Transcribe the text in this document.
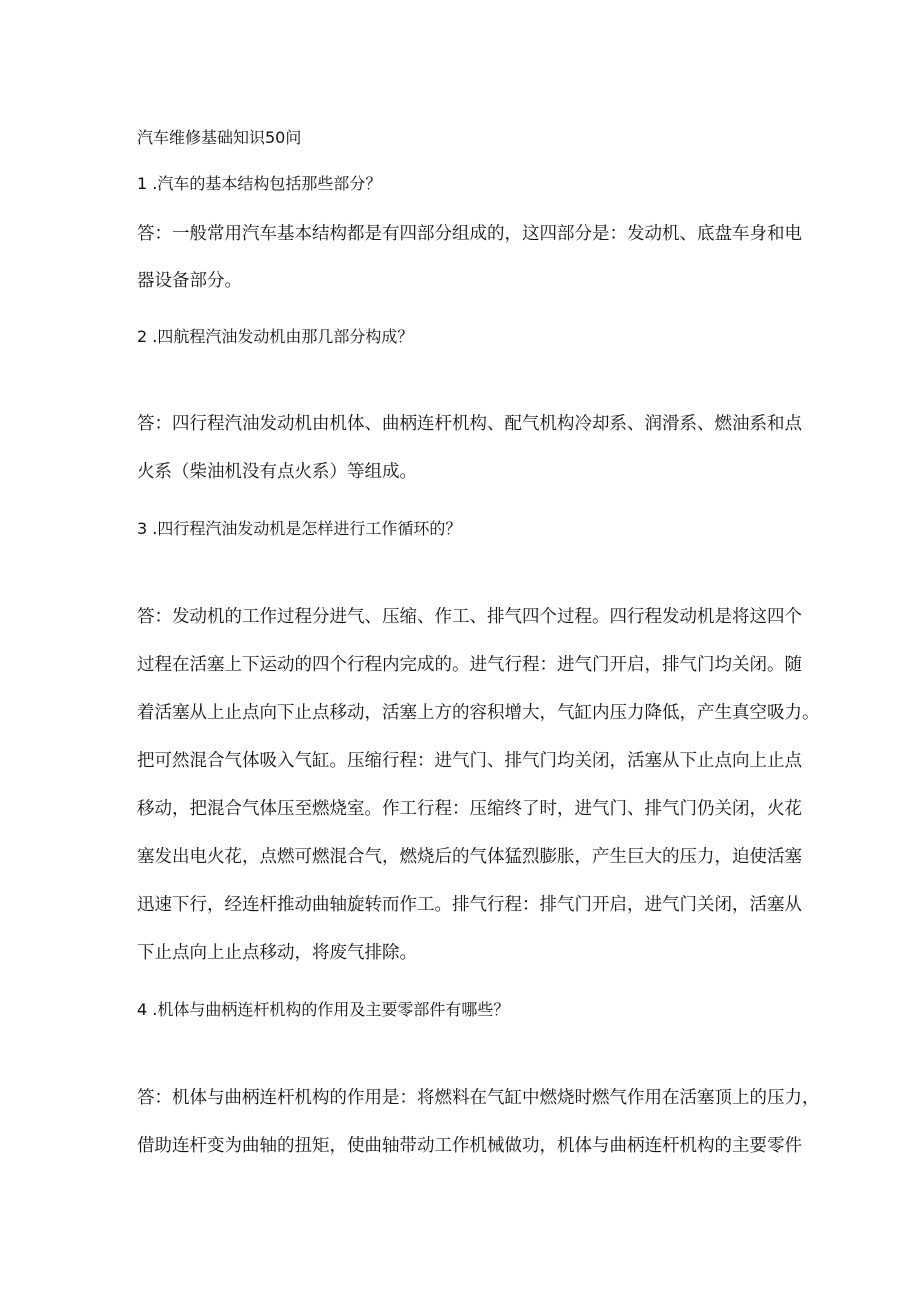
汽车维修基础知识50问
1 .汽车的基本结构包括那些部分？
答：一般常用汽车基本结构都是有四部分组成的，这四部分是：发动机、底盘车身和电
器设备部分。
2 .四航程汽油发动机由那几部分构成？
答：四行程汽油发动机由机体、曲柄连杆机构、配气机构冷却系、润滑系、燃油系和点
火系（柴油机没有点火系）等组成。
3 .四行程汽油发动机是怎样进行工作循环的？
答：发动机的工作过程分进气、压缩、作工、排气四个过程。四行程发动机是将这四个
过程在活塞上下运动的四个行程内完成的。进气行程：进气门开启，排气门均关闭。随
着活塞从上止点向下止点移动，活塞上方的容积增大，气缸内压力降低，产生真空吸力。
把可然混合气体吸入气缸。压缩行程：进气门、排气门均关闭，活塞从下止点向上止点
移动，把混合气体压至燃烧室。作工行程：压缩终了时，进气门、排气门仍关闭，火花
塞发出电火花，点燃可燃混合气，燃烧后的气体猛烈膨胀，产生巨大的压力，迫使活塞
迅速下行，经连杆推动曲轴旋转而作工。排气行程：排气门开启，进气门关闭，活塞从
下止点向上止点移动，将废气排除。
4 .机体与曲柄连杆机构的作用及主要零部件有哪些？
答：机体与曲柄连杆机构的作用是：将燃料在气缸中燃烧时燃气作用在活塞顶上的压力，
借助连杆变为曲轴的扭矩，使曲轴带动工作机械做功，机体与曲柄连杆机构的主要零件
